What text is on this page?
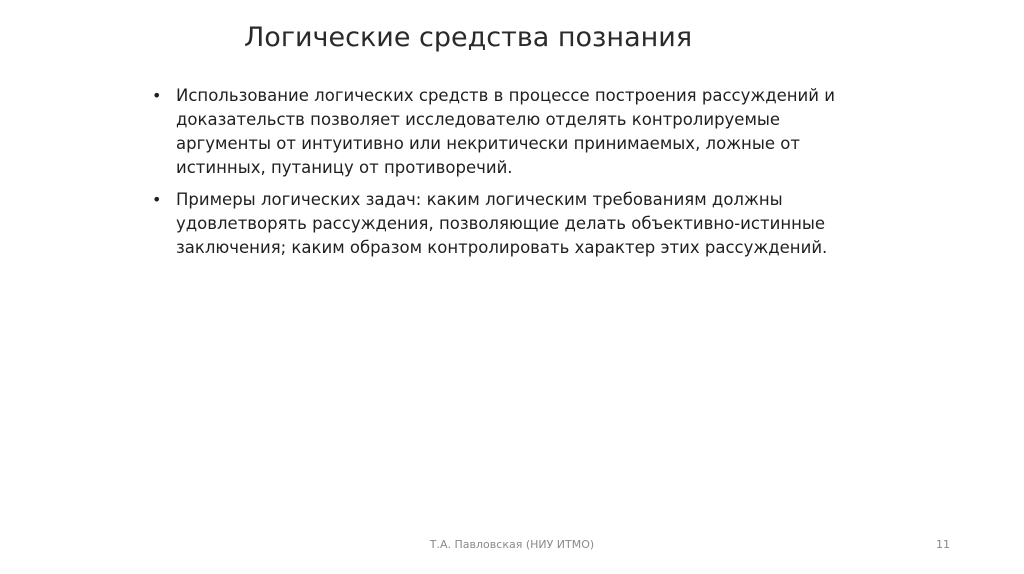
Логические средства познания
• Использование логических средств в процессе построения рассуждений и доказательств позволяет исследователю отделять контролируемые аргументы от интуитивно или некритически принимаемых, ложные от истинных, путаницу от противоречий.
• Примеры логических задач: каким логическим требованиям должны удовлетворять рассуждения, позволяющие делать объективно-истинные заключения; каким образом контролировать характер этих рассуждений.
Т.А. Павловская (НИУ ИТМО)	11
